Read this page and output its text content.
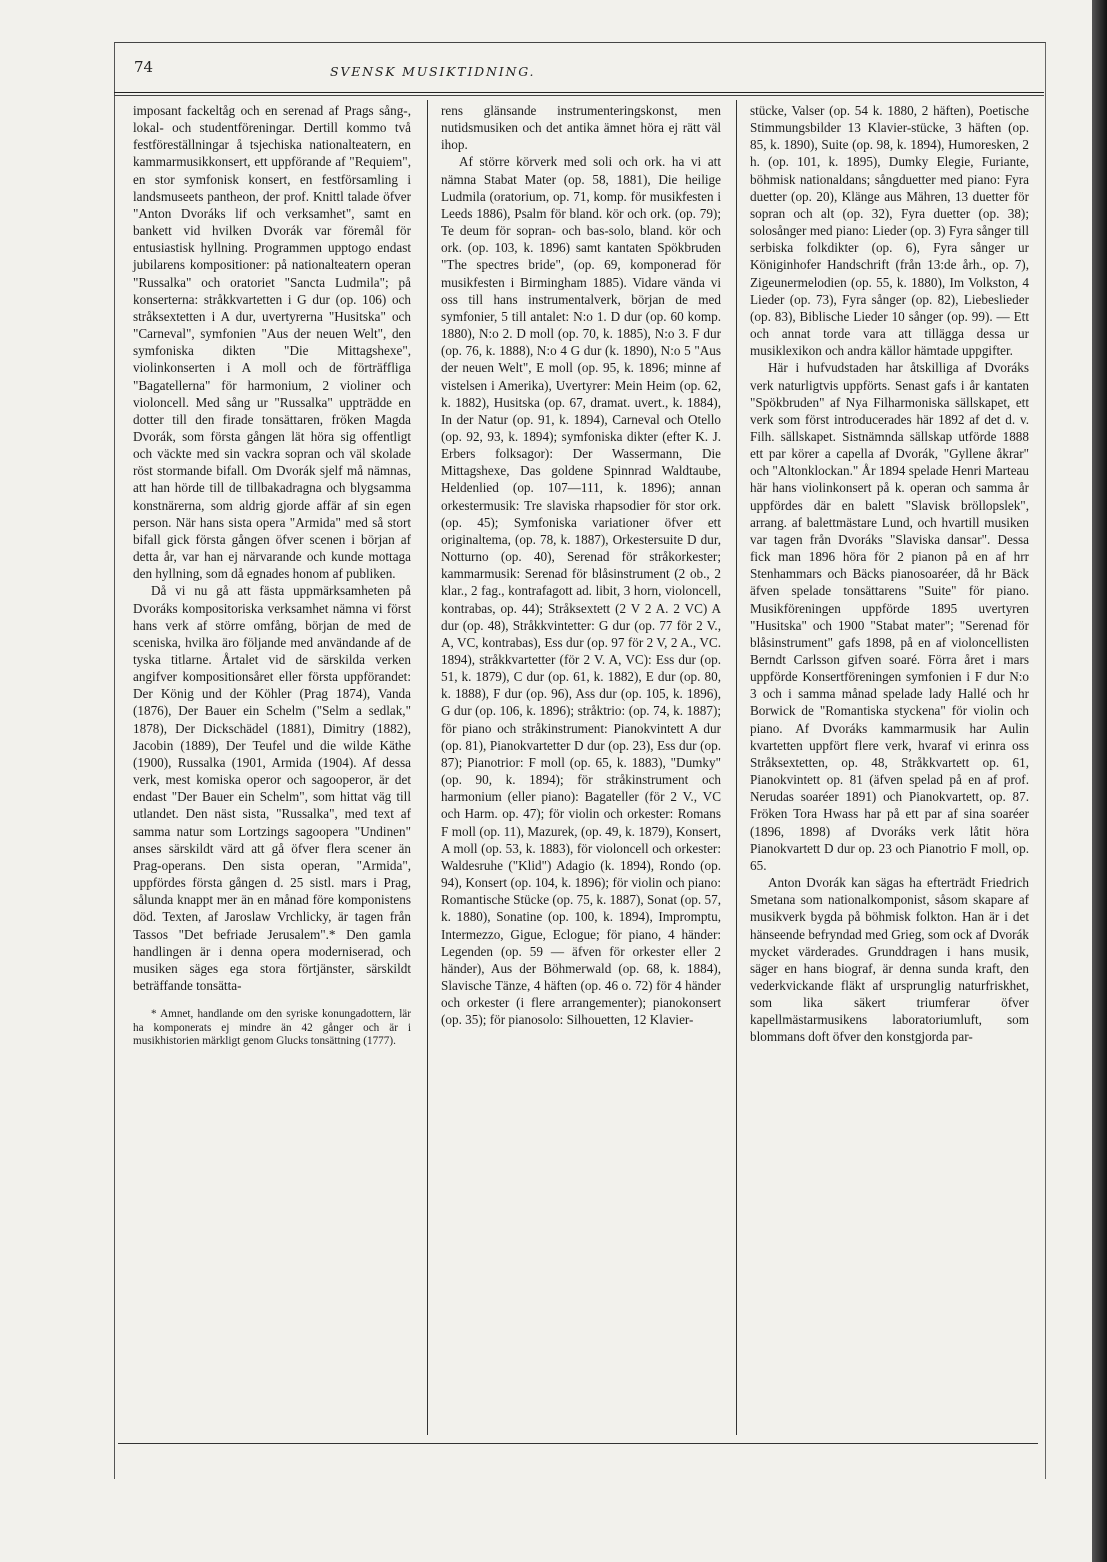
74	SVENSK MUSIKTIDNING.

imposant fackeltåg och en serenad af Prags sång-, lokal- och studentföreningar. Dertill kommo två festföreställningar å tsjechiska nationalteatern, en kammarmusikkonsert, ett uppförande af "Requiem", en stor symfonisk konsert, en festförsamling i landsmuseets pantheon, der prof. Knittl talade öfver "Anton Dvoráks lif och verksamhet", samt en bankett vid hvilken Dvorák var föremål för entusiastisk hyllning. Programmen upptogo endast jubilarens kompositioner: på nationalteatern operan "Russalka" och oratoriet "Sancta Ludmila"; på konserterna: stråkkvartetten i G dur (op. 106) och stråksextetten i A dur, uvertyrerna "Husitska" och "Carneval", symfonien "Aus der neuen Welt", den symfoniska dikten "Die Mittagshexe", violinkonserten i A moll och de förträffliga "Bagatellerna" för harmonium, 2 violiner och violoncell. Med sång ur "Russalka" uppträdde en dotter till den firade tonsättaren, fröken Magda Dvorák, som första gången lät höra sig offentligt och väckte med sin vackra sopran och väl skolade röst stormande bifall. Om Dvorák sjelf må nämnas, att han hörde till de tillbakadragna och blygsamma konstnärerna, som aldrig gjorde affär af sin egen person. När hans sista opera "Armida" med så stort bifall gick första gången öfver scenen i början af detta år, var han ej närvarande och kunde mottaga den hyllning, som då egnades honom af publiken.

Då vi nu gå att fästa uppmärksamheten på Dvoráks kompositoriska verksamhet nämna vi först hans verk af större omfång, början de med de sceniska, hvilka äro följande med användande af de tyska titlarne. Årtalet vid de särskilda verken angifver kompositionsåret eller första uppförandet: Der König und der Köhler (Prag 1874), Vanda (1876), Der Bauer ein Schelm ("Selm a sedlak," 1878), Der Dickschädel (1881), Dimitry (1882), Jacobin (1889), Der Teufel und die wilde Käthe (1900), Russalka (1901, Armida (1904). Af dessa verk, mest komiska operor och sagooperor, är det endast "Der Bauer ein Schelm", som hittat väg till utlandet. Den näst sista, "Russalka", med text af samma natur som Lortzings sagoopera "Undinen" anses särskildt värd att gå öfver flera scener än Prag-operans. Den sista operan, "Armida", uppfördes första gången d. 25 sistl. mars i Prag, sålunda knappt mer än en månad före komponistens död. Texten, af Jaroslaw Vrchlicky, är tagen från Tassos "Det befriade Jerusalem".* Den gamla handlingen är i denna opera moderniserad, och musiken säges ega stora förtjänster, särskildt beträffande tonsätta-

* Amnet, handlande om den syriske konungadottern, lär ha komponerats ej mindre än 42 gånger och är i musikhistorien märkligt genom Glucks tonsättning (1777).

rens glänsande instrumenteringskonst, men nutidsmusiken och det antika ämnet höra ej rätt väl ihop.

Af större körverk med soli och ork. ha vi att nämna Stabat Mater (op. 58, 1881), Die heilige Ludmila (oratorium, op. 71, komp. för musikfesten i Leeds 1886), Psalm för bland. kör och ork. (op. 79); Te deum för sopran- och bas-solo, bland. kör och ork. (op. 103, k. 1896) samt kantaten Spökbruden "The spectres bride", (op. 69, komponerad för musikfesten i Birmingham 1885). Vidare vända vi oss till hans instrumentalverk, början de med symfonier, 5 till antalet: N:o 1. D dur (op. 60 komp. 1880), N:o 2. D moll (op. 70, k. 1885), N:o 3. F dur (op. 76, k. 1888), N:o 4 G dur (k. 1890), N:o 5 "Aus der neuen Welt", E moll (op. 95, k. 1896; minne af vistelsen i Amerika), Uvertyrer: Mein Heim (op. 62, k. 1882), Husitska (op. 67, dramat. uvert., k. 1884), In der Natur (op. 91, k. 1894), Carneval och Otello (op. 92, 93, k. 1894); symfoniska dikter (efter K. J. Erbers folksagor): Der Wassermann, Die Mittagshexe, Das goldene Spinnrad Waldtaube, Heldenlied (op. 107—111, k. 1896); annan orkestermusik: Tre slaviska rhapsodier för stor ork. (op. 45); Symfoniska variationer öfver ett originaltema, (op. 78, k. 1887), Orkestersuite D dur, Notturno (op. 40), Serenad för stråkorkester; kammarmusik: Serenad för blåsinstrument (2 ob., 2 klar., 2 fag., kontrafagott ad. libit, 3 horn, violoncell, kontrabas, op. 44); Stråksextett (2 V 2 A. 2 VC) A dur (op. 48), Stråkkvintetter: G dur (op. 77 för 2 V., A, VC, kontrabas), Ess dur (op. 97 för 2 V, 2 A., VC. 1894), stråkkvartetter (för 2 V. A, VC): Ess dur (op. 51, k. 1879), C dur (op. 61, k. 1882), E dur (op. 80, k. 1888), F dur (op. 96), Ass dur (op. 105, k. 1896), G dur (op. 106, k. 1896); stråktrio: (op. 74, k. 1887); för piano och stråkinstrument: Pianokvintett A dur (op. 81), Pianokvartetter D dur (op. 23), Ess dur (op. 87); Pianotrior: F moll (op. 65, k. 1883), "Dumky" (op. 90, k. 1894); för stråkinstrument och harmonium (eller piano): Bagateller (för 2 V., VC och Harm. op. 47); för violin och orkester: Romans F moll (op. 11), Mazurek, (op. 49, k. 1879), Konsert, A moll (op. 53, k. 1883), för violoncell och orkester: Waldesruhe ("Klid") Adagio (k. 1894), Rondo (op. 94), Konsert (op. 104, k. 1896); för violin och piano: Romantische Stücke (op. 75, k. 1887), Sonat (op. 57, k. 1880), Sonatine (op. 100, k. 1894), Impromptu, Intermezzo, Gigue, Eclogue; för piano, 4 händer: Legenden (op. 59 — äfven för orkester eller 2 händer), Aus der Böhmerwald (op. 68, k. 1884), Slavische Tänze, 4 häften (op. 46 o. 72) för 4 händer och orkester (i flere arrangementer); pianokonsert (op. 35); för pianosolo: Silhouetten, 12 Klavier-

stücke, Valser (op. 54 k. 1880, 2 häften), Poetische Stimmungsbilder 13 Klavier-stücke, 3 häften (op. 85, k. 1890), Suite (op. 98, k. 1894), Humoresken, 2 h. (op. 101, k. 1895), Dumky Elegie, Furiante, böhmisk nationaldans; sångduetter med piano: Fyra duetter (op. 20), Klänge aus Mähren, 13 duetter för sopran och alt (op. 32), Fyra duetter (op. 38); solosånger med piano: Lieder (op. 3) Fyra sånger till serbiska folkdikter (op. 6), Fyra sånger ur Königinhofer Handschrift (från 13:de årh., op. 7), Zigeunermelodien (op. 55, k. 1880), Im Volkston, 4 Lieder (op. 73), Fyra sånger (op. 82), Liebeslieder (op. 83), Biblische Lieder 10 sånger (op. 99). — Ett och annat torde vara att tillägga dessa ur musiklexikon och andra källor hämtade uppgifter.

Här i hufvudstaden har åtskilliga af Dvoráks verk naturligtvis uppförts. Senast gafs i år kantaten "Spökbruden" af Nya Filharmoniska sällskapet, ett verk som först introducerades här 1892 af det d. v. Filh. sällskapet. Sistnämnda sällskap utförde 1888 ett par körer a capella af Dvorák, "Gyllene åkrar" och "Altonklockan." År 1894 spelade Henri Marteau här hans violinkonsert på k. operan och samma år uppfördes där en balett "Slavisk bröllopslek", arrang. af balettmästare Lund, och hvartill musiken var tagen från Dvoráks "Slaviska dansar". Dessa fick man 1896 höra för 2 pianon på en af hrr Stenhammars och Bäcks pianosoaréer, då hr Bäck äfven spelade tonsättarens "Suite" för piano. Musikföreningen uppförde 1895 uvertyren "Husitska" och 1900 "Stabat mater"; "Serenad för blåsinstrument" gafs 1898, på en af violoncellisten Berndt Carlsson gifven soaré. Förra året i mars uppförde Konsertföreningen symfonien i F dur N:o 3 och i samma månad spelade lady Hallé och hr Borwick de "Romantiska styckena" för violin och piano. Af Dvoráks kammarmusik har Aulin kvartetten uppfört flere verk, hvaraf vi erinra oss Stråksextetten, op. 48, Stråkkvartett op. 61, Pianokvintett op. 81 (äfven spelad på en af prof. Nerudas soaréer 1891) och Pianokvartett, op. 87. Fröken Tora Hwass har på ett par af sina soaréer (1896, 1898) af Dvoráks verk låtit höra Pianokvartett D dur op. 23 och Pianotrio F moll, op. 65.

Anton Dvorák kan sägas ha efterträdt Friedrich Smetana som nationalkomponist, såsom skapare af musikverk bygda på böhmisk folkton. Han är i det hänseende befryndad med Grieg, som ock af Dvorák mycket värderades. Grunddragen i hans musik, säger en hans biograf, är denna sunda kraft, den vederkvickande fläkt af ursprunglig naturfriskhet, som lika säkert triumferar öfver kapellmästarmusikens laboratoriumluft, som blommans doft öfver den konstgjorda par-
